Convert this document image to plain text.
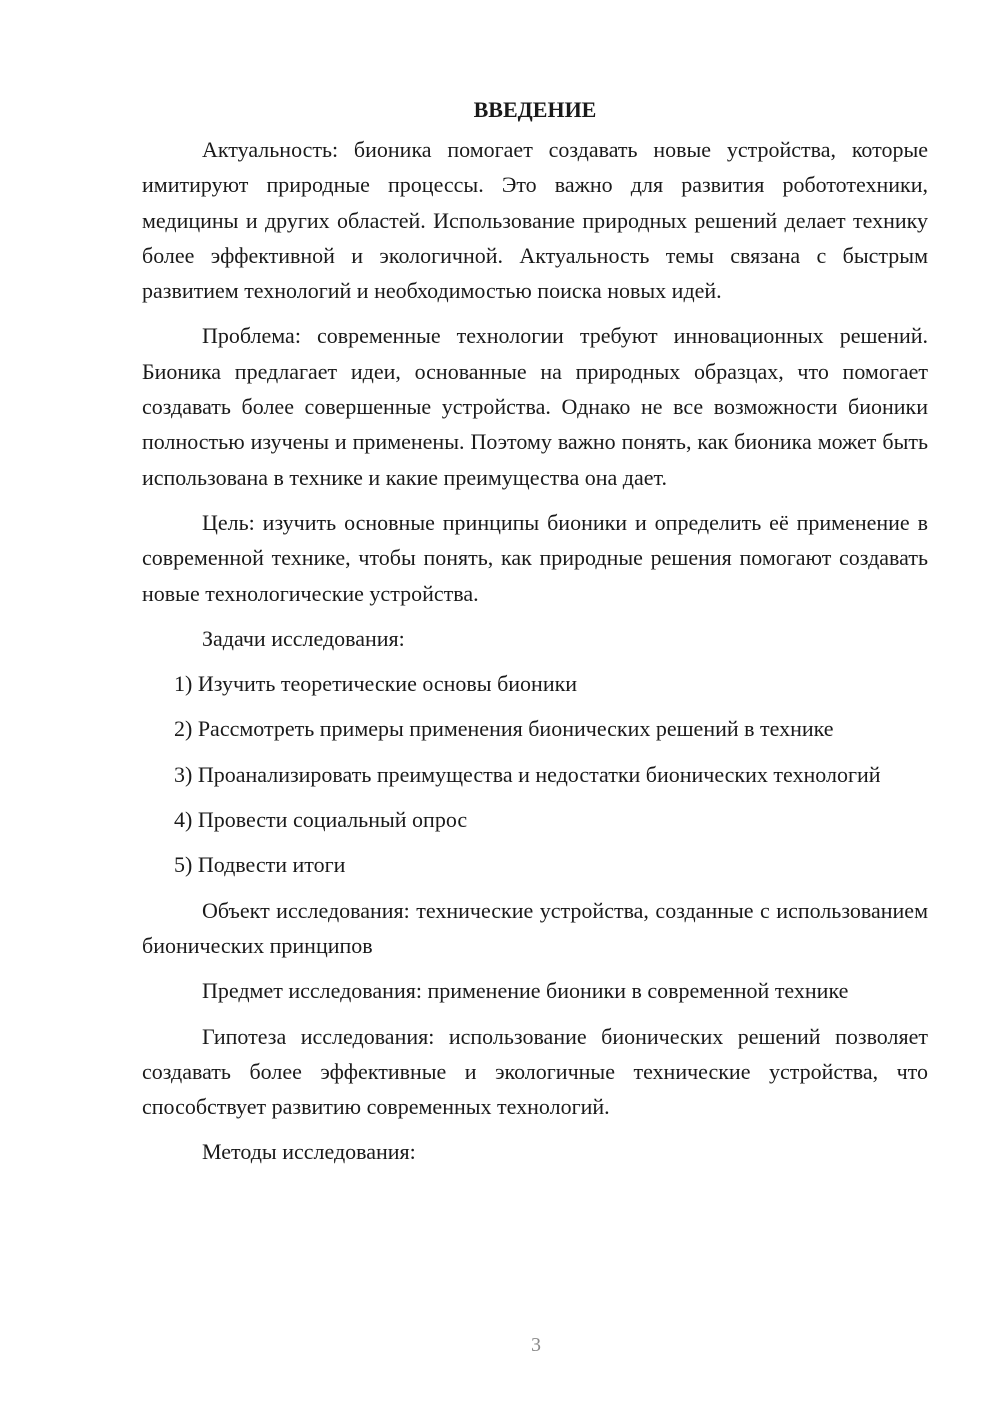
ВВЕДЕНИЕ

Актуальность: бионика помогает создавать новые устройства, которые имитируют природные процессы. Это важно для развития робототехники, медицины и других областей. Использование природных решений делает технику более эффективной и экологичной. Актуальность темы связана с быстрым развитием технологий и необходимостью поиска новых идей.

Проблема: современные технологии требуют инновационных решений. Бионика предлагает идеи, основанные на природных образцах, что помогает создавать более совершенные устройства. Однако не все возможности бионики полностью изучены и применены. Поэтому важно понять, как бионика может быть использована в технике и какие преимущества она дает.

Цель: изучить основные принципы бионики и определить её применение в современной технике, чтобы понять, как природные решения помогают создавать новые технологические устройства.

Задачи исследования:

1) Изучить теоретические основы бионики

2) Рассмотреть примеры применения бионических решений в технике

3) Проанализировать преимущества и недостатки бионических технологий

4) Провести социальный опрос

5) Подвести итоги

Объект исследования: технические устройства, созданные с использованием бионических принципов

Предмет исследования: применение бионики в современной технике

Гипотеза исследования: использование бионических решений позволяет создавать более эффективные и экологичные технические устройства, что способствует развитию современных технологий.

Методы исследования:

3
